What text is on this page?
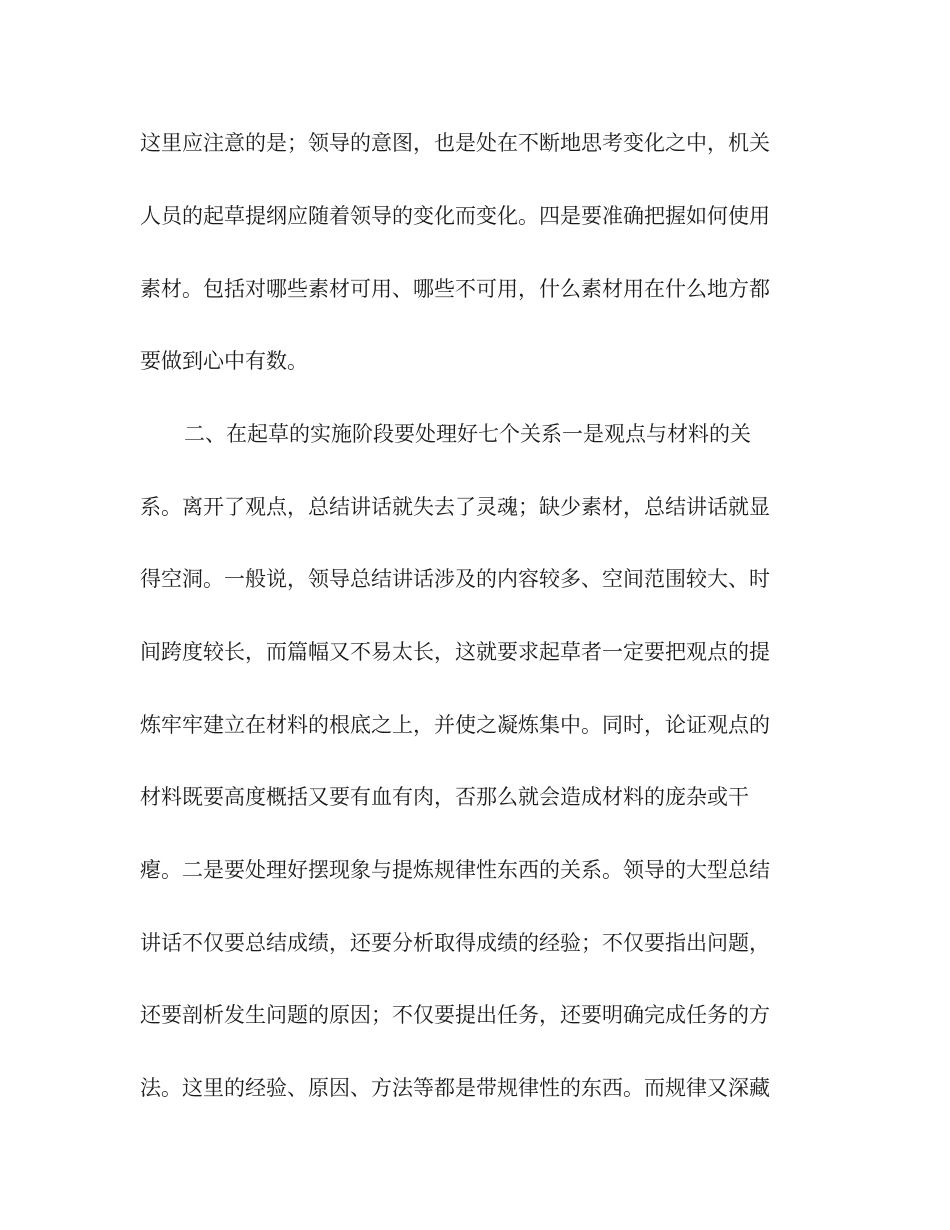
这里应注意的是；领导的意图，也是处在不断地思考变化之中，机关
人员的起草提纲应随着领导的变化而变化。四是要准确把握如何使用
素材。包括对哪些素材可用、哪些不可用，什么素材用在什么地方都
要做到心中有数。
二、在起草的实施阶段要处理好七个关系一是观点与材料的关
系。离开了观点，总结讲话就失去了灵魂；缺少素材，总结讲话就显
得空洞。一般说，领导总结讲话涉及的内容较多、空间范围较大、时
间跨度较长，而篇幅又不易太长，这就要求起草者一定要把观点的提
炼牢牢建立在材料的根底之上，并使之凝炼集中。同时，论证观点的
材料既要高度概括又要有血有肉，否那么就会造成材料的庞杂或干
瘪。二是要处理好摆现象与提炼规律性东西的关系。领导的大型总结
讲话不仅要总结成绩，还要分析取得成绩的经验；不仅要指出问题，
还要剖析发生问题的原因；不仅要提出任务，还要明确完成任务的方
法。这里的经验、原因、方法等都是带规律性的东西。而规律又深藏
